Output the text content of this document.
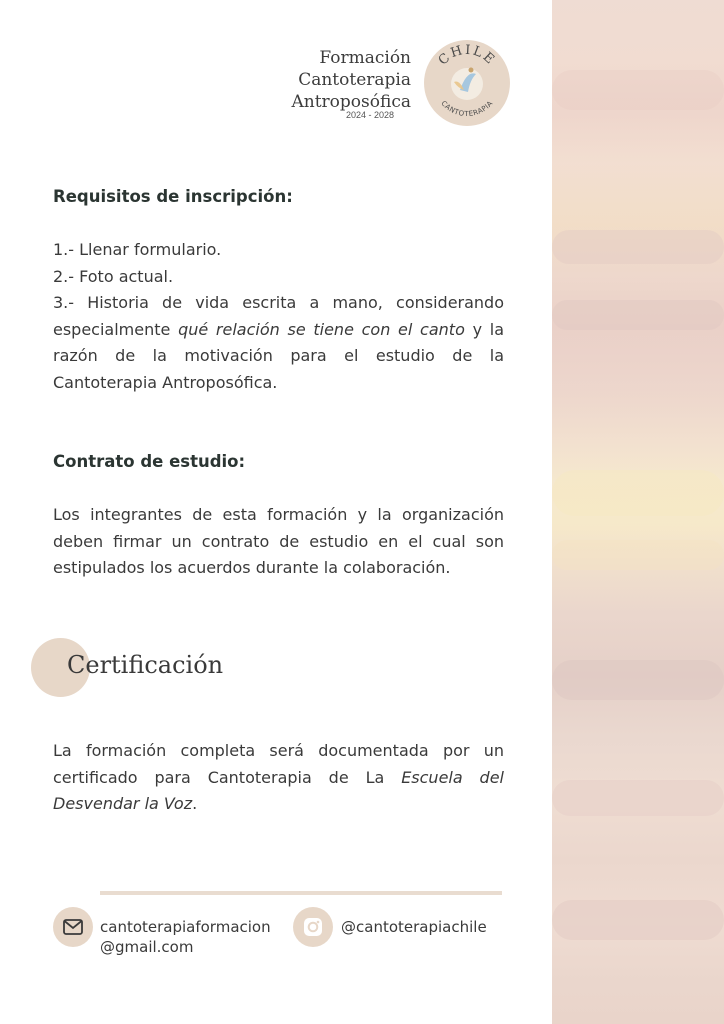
Formación
Cantoterapia
Antroposófica
2024 - 2028
CHILE
CANTOTERAPIA
Requisitos de inscripción:

1.- Llenar formulario.

2.- Foto actual.

3.- Historia de vida escrita a mano, considerando especialmente qué relación se tiene con el canto y la razón de la motivación para el estudio de la Cantoterapia Antroposófica.

Contrato de estudio:
Los integrantes de esta formación y la organización deben firmar un contrato de estudio en el cual son estipulados los acuerdos durante la colaboración.
Certificación
La formación completa será documentada por un certificado para Cantoterapia de La Escuela del Desvendar la Voz.
cantoterapiaformacion
@gmail.com
@cantoterapiachile
